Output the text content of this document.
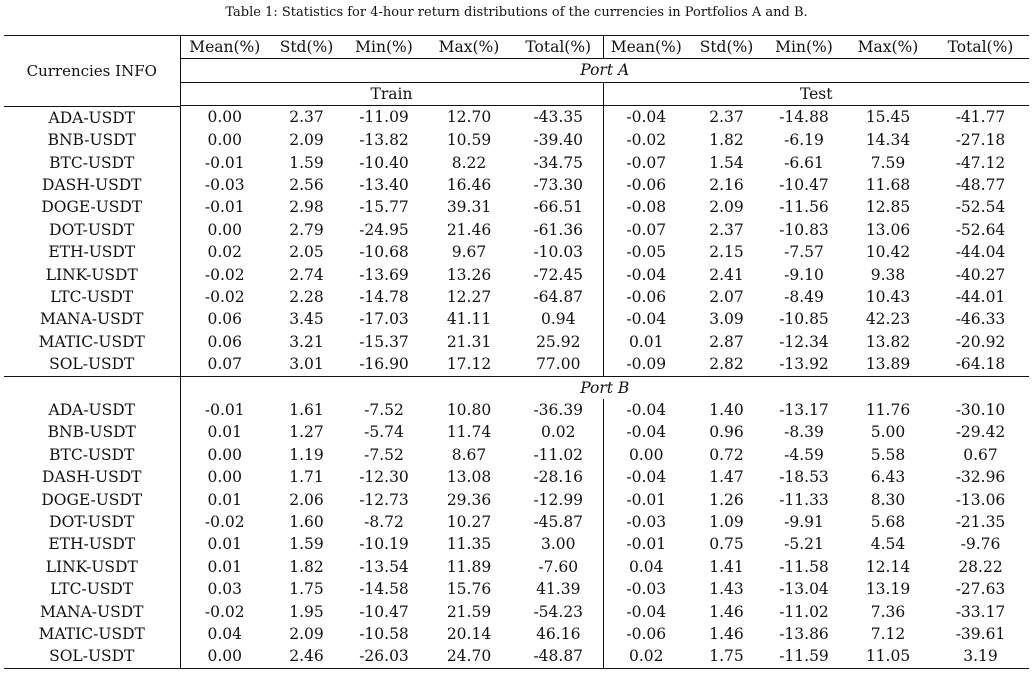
Table 1: Statistics for 4-hour return distributions of the currencies in Portfolios A and B.
Currencies INFO	Mean(%)	Std(%)	Min(%)	Max(%)	Total(%)	Mean(%)	Std(%)	Min(%)	Max(%)	Total(%)
	Port A									
	Train					Test				

ADA-USDT	0.00	2.37	-11.09	12.70	-43.35	-0.04	2.37	-14.88	15.45	-41.77
BNB-USDT	0.00	2.09	-13.82	10.59	-39.40	-0.02	1.82	-6.19	14.34	-27.18
BTC-USDT	-0.01	1.59	-10.40	8.22	-34.75	-0.07	1.54	-6.61	7.59	-47.12
DASH-USDT	-0.03	2.56	-13.40	16.46	-73.30	-0.06	2.16	-10.47	11.68	-48.77
DOGE-USDT	-0.01	2.98	-15.77	39.31	-66.51	-0.08	2.09	-11.56	12.85	-52.54
DOT-USDT	0.00	2.79	-24.95	21.46	-61.36	-0.07	2.37	-10.83	13.06	-52.64
ETH-USDT	0.02	2.05	-10.68	9.67	-10.03	-0.05	2.15	-7.57	10.42	-44.04
LINK-USDT	-0.02	2.74	-13.69	13.26	-72.45	-0.04	2.41	-9.10	9.38	-40.27
LTC-USDT	-0.02	2.28	-14.78	12.27	-64.87	-0.06	2.07	-8.49	10.43	-44.01
MANA-USDT	0.06	3.45	-17.03	41.11	0.94	-0.04	3.09	-10.85	42.23	-46.33
MATIC-USDT	0.06	3.21	-15.37	21.31	25.92	0.01	2.87	-12.34	13.82	-20.92
SOL-USDT	0.07	3.01	-16.90	17.12	77.00	-0.09	2.82	-13.92	13.89	-64.18
	Port B									
ADA-USDT	-0.01	1.61	-7.52	10.80	-36.39	-0.04	1.40	-13.17	11.76	-30.10
BNB-USDT	0.01	1.27	-5.74	11.74	0.02	-0.04	0.96	-8.39	5.00	-29.42
BTC-USDT	0.00	1.19	-7.52	8.67	-11.02	0.00	0.72	-4.59	5.58	0.67
DASH-USDT	0.00	1.71	-12.30	13.08	-28.16	-0.04	1.47	-18.53	6.43	-32.96
DOGE-USDT	0.01	2.06	-12.73	29.36	-12.99	-0.01	1.26	-11.33	8.30	-13.06
DOT-USDT	-0.02	1.60	-8.72	10.27	-45.87	-0.03	1.09	-9.91	5.68	-21.35
ETH-USDT	0.01	1.59	-10.19	11.35	3.00	-0.01	0.75	-5.21	4.54	-9.76
LINK-USDT	0.01	1.82	-13.54	11.89	-7.60	0.04	1.41	-11.58	12.14	28.22
LTC-USDT	0.03	1.75	-14.58	15.76	41.39	-0.03	1.43	-13.04	13.19	-27.63
MANA-USDT	-0.02	1.95	-10.47	21.59	-54.23	-0.04	1.46	-11.02	7.36	-33.17
MATIC-USDT	0.04	2.09	-10.58	20.14	46.16	-0.06	1.46	-13.86	7.12	-39.61
SOL-USDT	0.00	2.46	-26.03	24.70	-48.87	0.02	1.75	-11.59	11.05	3.19
